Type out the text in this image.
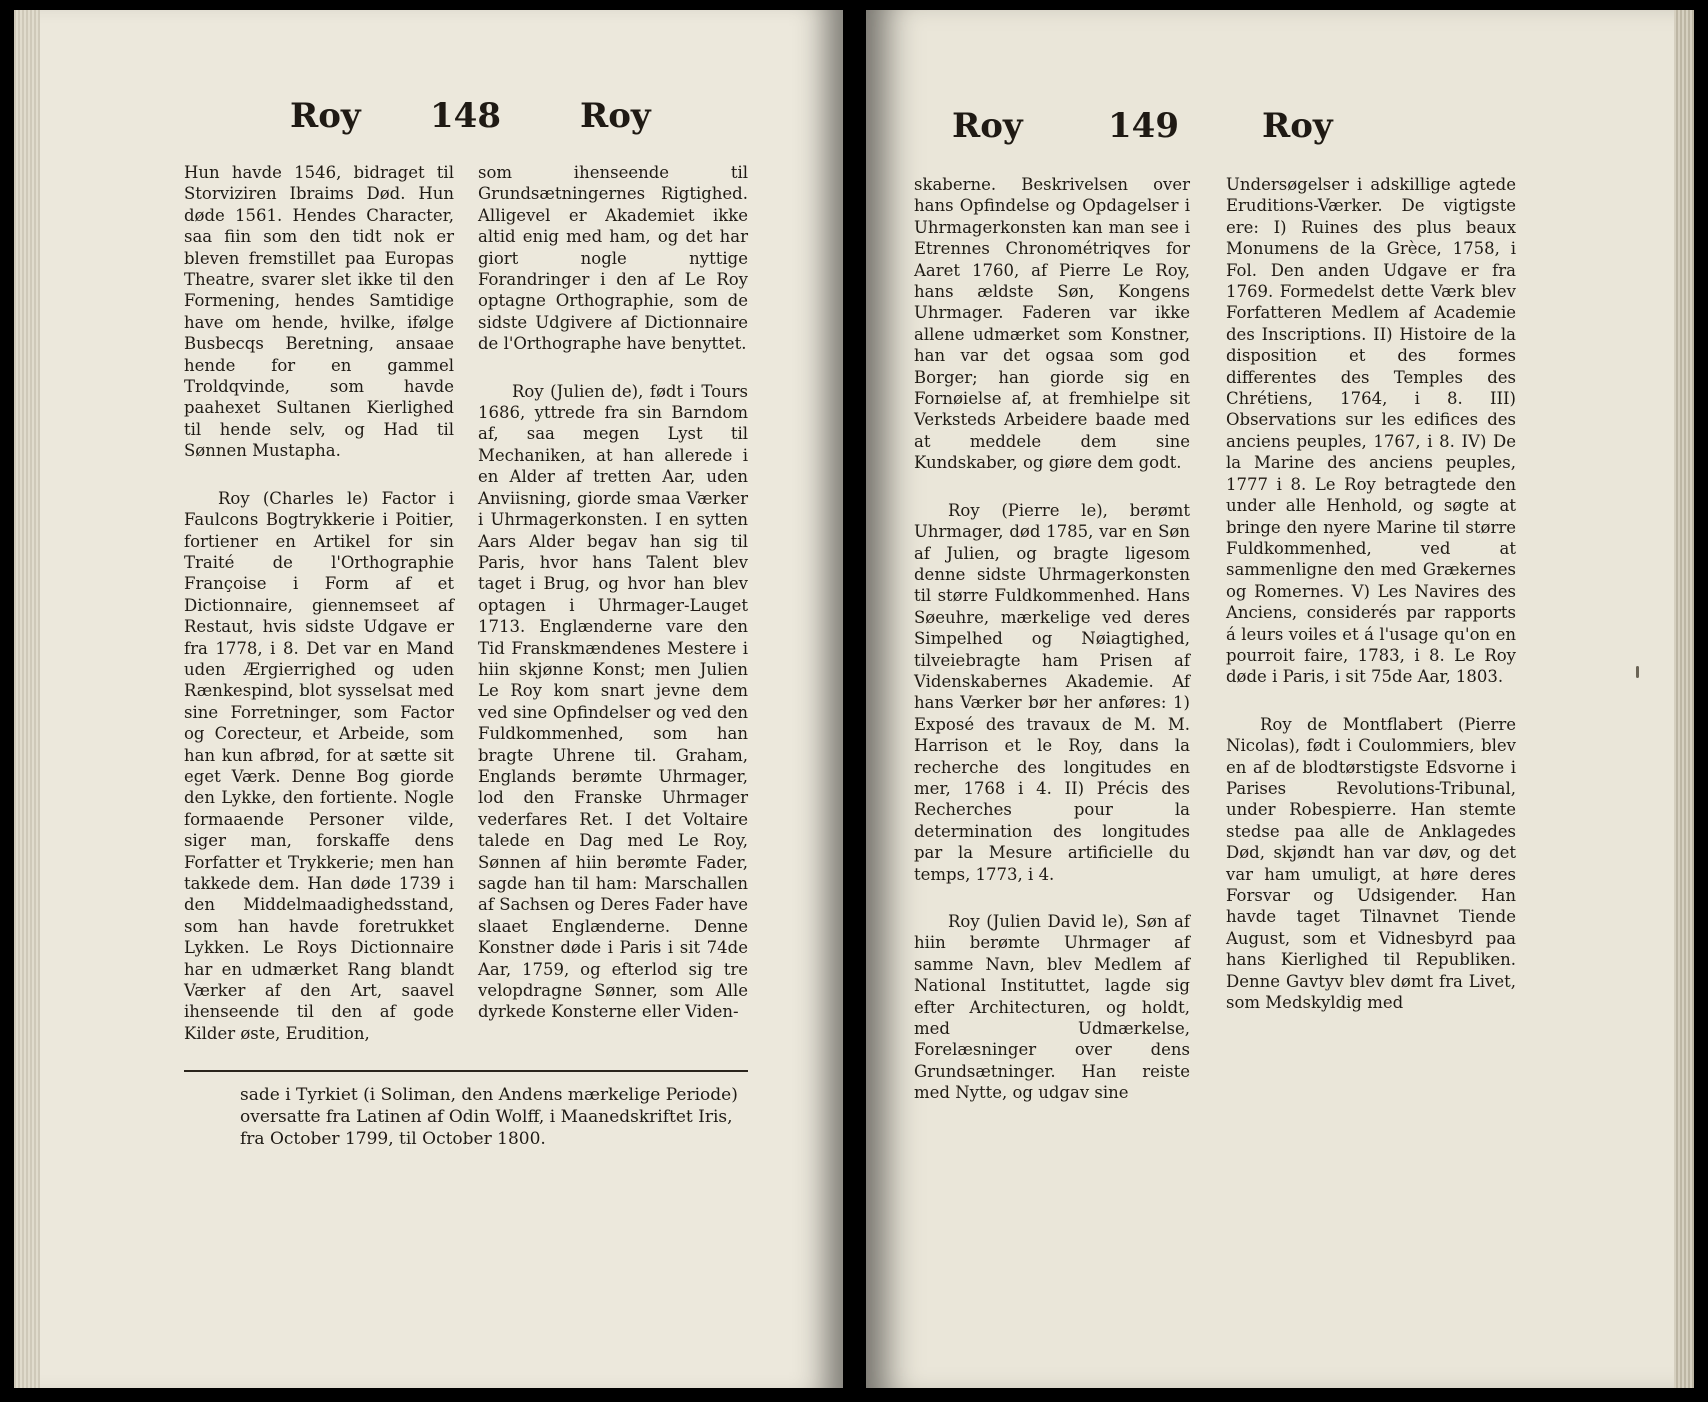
Roy 148 Roy

Hun havde 1546, bidraget til Storviziren Ibraims Død. Hun døde 1561. Hendes Character, saa fiin som den tidt nok er bleven fremstillet paa Europas Theatre, svarer slet ikke til den Formening, hendes Samtidige have om hende, hvilke, ifølge Busbecqs Beretning, ansaae hende for en gammel Troldqvinde, som havde paahexet Sultanen Kierlighed til hende selv, og Had til Sønnen Mustapha.

Roy (Charles le) Factor i Faulcons Bogtrykkerie i Poitier, fortiener en Artikel for sin Traité de l'Orthographie Françoise i Form af et Dictionnaire, giennemseet af Restaut, hvis sidste Udgave er fra 1778, i 8. Det var en Mand uden Ærgierrighed og uden Rænkespind, blot sysselsat med sine Forretninger, som Factor og Corecteur, et Arbeide, som han kun afbrød, for at sætte sit eget Værk. Denne Bog giorde den Lykke, den fortiente. Nogle formaaende Personer vilde, siger man, forskaffe dens Forfatter et Trykkerie; men han takkede dem. Han døde 1739 i den Middelmaadighedsstand, som han havde foretrukket Lykken. Le Roys Dictionnaire har en udmærket Rang blandt Værker af den Art, saavel ihenseende til den af gode Kilder øste, Erudition,

som ihenseende til Grundsætningernes Rigtighed. Alligevel er Akademiet ikke altid enig med ham, og det har giort nogle nyttige Forandringer i den af Le Roy optagne Orthographie, som de sidste Udgivere af Dictionnaire de l'Orthographe have benyttet.

Roy (Julien de), født i Tours 1686, yttrede fra sin Barndom af, saa megen Lyst til Mechaniken, at han allerede i en Alder af tretten Aar, uden Anviisning, giorde smaa Værker i Uhrmagerkonsten. I en sytten Aars Alder begav han sig til Paris, hvor hans Talent blev taget i Brug, og hvor han blev optagen i Uhrmager-Lauget 1713. Englænderne vare den Tid Franskmændenes Mestere i hiin skjønne Konst; men Julien Le Roy kom snart jevne dem ved sine Opfindelser og ved den Fuldkommenhed, som han bragte Uhrene til. Graham, Englands berømte Uhrmager, lod den Franske Uhrmager vederfares Ret. I det Voltaire talede en Dag med Le Roy, Sønnen af hiin berømte Fader, sagde han til ham: Marschallen af Sachsen og Deres Fader have slaaet Englænderne. Denne Konstner døde i Paris i sit 74de Aar, 1759, og efterlod sig tre velopdragne Sønner, som Alle dyrkede Konsterne eller Viden-

sade i Tyrkiet (i Soliman, den Andens mærkelige Periode) oversatte fra Latinen af Odin Wolff, i Maanedskriftet Iris, fra October 1799, til October 1800.

Roy	149 Roy

skaberne. Beskrivelsen over hans Opfindelse og Opdagelser i Uhrmagerkonsten kan man see i Etrennes Chronométriqves for Aaret 1760, af Pierre Le Roy, hans ældste Søn, Kongens Uhrmager. Faderen var ikke allene udmærket som Konstner, han var det ogsaa som god Borger; han giorde sig en Fornøielse af, at fremhielpe sit Verksteds Arbeidere baade med at meddele dem sine Kundskaber, og giøre dem godt.

Roy (Pierre le), berømt Uhrmager, død 1785, var en Søn af Julien, og bragte ligesom denne sidste Uhrmagerkonsten til større Fuldkommenhed. Hans Søeuhre, mærkelige ved deres Simpelhed og Nøiagtighed, tilveiebragte ham Prisen af Videnskabernes Akademie. Af hans Værker bør her anføres: 1) Exposé des travaux de M. M. Harrison et le Roy, dans la recherche des longitudes en mer, 1768 i 4. II) Précis des Recherches pour la determination des longitudes par la Mesure artificielle du temps, 1773, i 4.

Roy (Julien David le), Søn af hiin berømte Uhrmager af samme Navn, blev Medlem af National Instituttet, lagde sig efter Architecturen, og holdt, med Udmærkelse, Forelæsninger over dens Grundsætninger. Han reiste med Nytte, og udgav sine

Undersøgelser i adskillige agtede Eruditions-Værker. De vigtigste ere: I) Ruines des plus beaux Monumens de la Grèce, 1758, i Fol. Den anden Udgave er fra 1769. Formedelst dette Værk blev Forfatteren Medlem af Academie des Inscriptions. II) Histoire de la disposition et des formes differentes des Temples des Chrétiens, 1764, i 8. III) Observations sur les edifices des anciens peuples, 1767, i 8. IV) De la Marine des anciens peuples, 1777 i 8. Le Roy betragtede den under alle Henhold, og søgte at bringe den nyere Marine til større Fuldkommenhed, ved at sammenligne den med Grækernes og Romernes. V) Les Navires des Anciens, considerés par rapports á leurs voiles et á l'usage qu'on en pourroit faire, 1783, i 8. Le Roy døde i Paris, i sit 75de Aar, 1803.

Roy de Montflabert (Pierre Nicolas), født i Coulommiers, blev en af de blodtørstigste Edsvorne i Parises Revolutions-Tribunal, under Robespierre. Han stemte stedse paa alle de Anklagedes Død, skjøndt han var døv, og det var ham umuligt, at høre deres Forsvar og Udsigender. Han havde taget Tilnavnet Tiende August, som et Vidnesbyrd paa hans Kierlighed til Republiken. Denne Gavtyv blev dømt fra Livet, som Medskyldig med
